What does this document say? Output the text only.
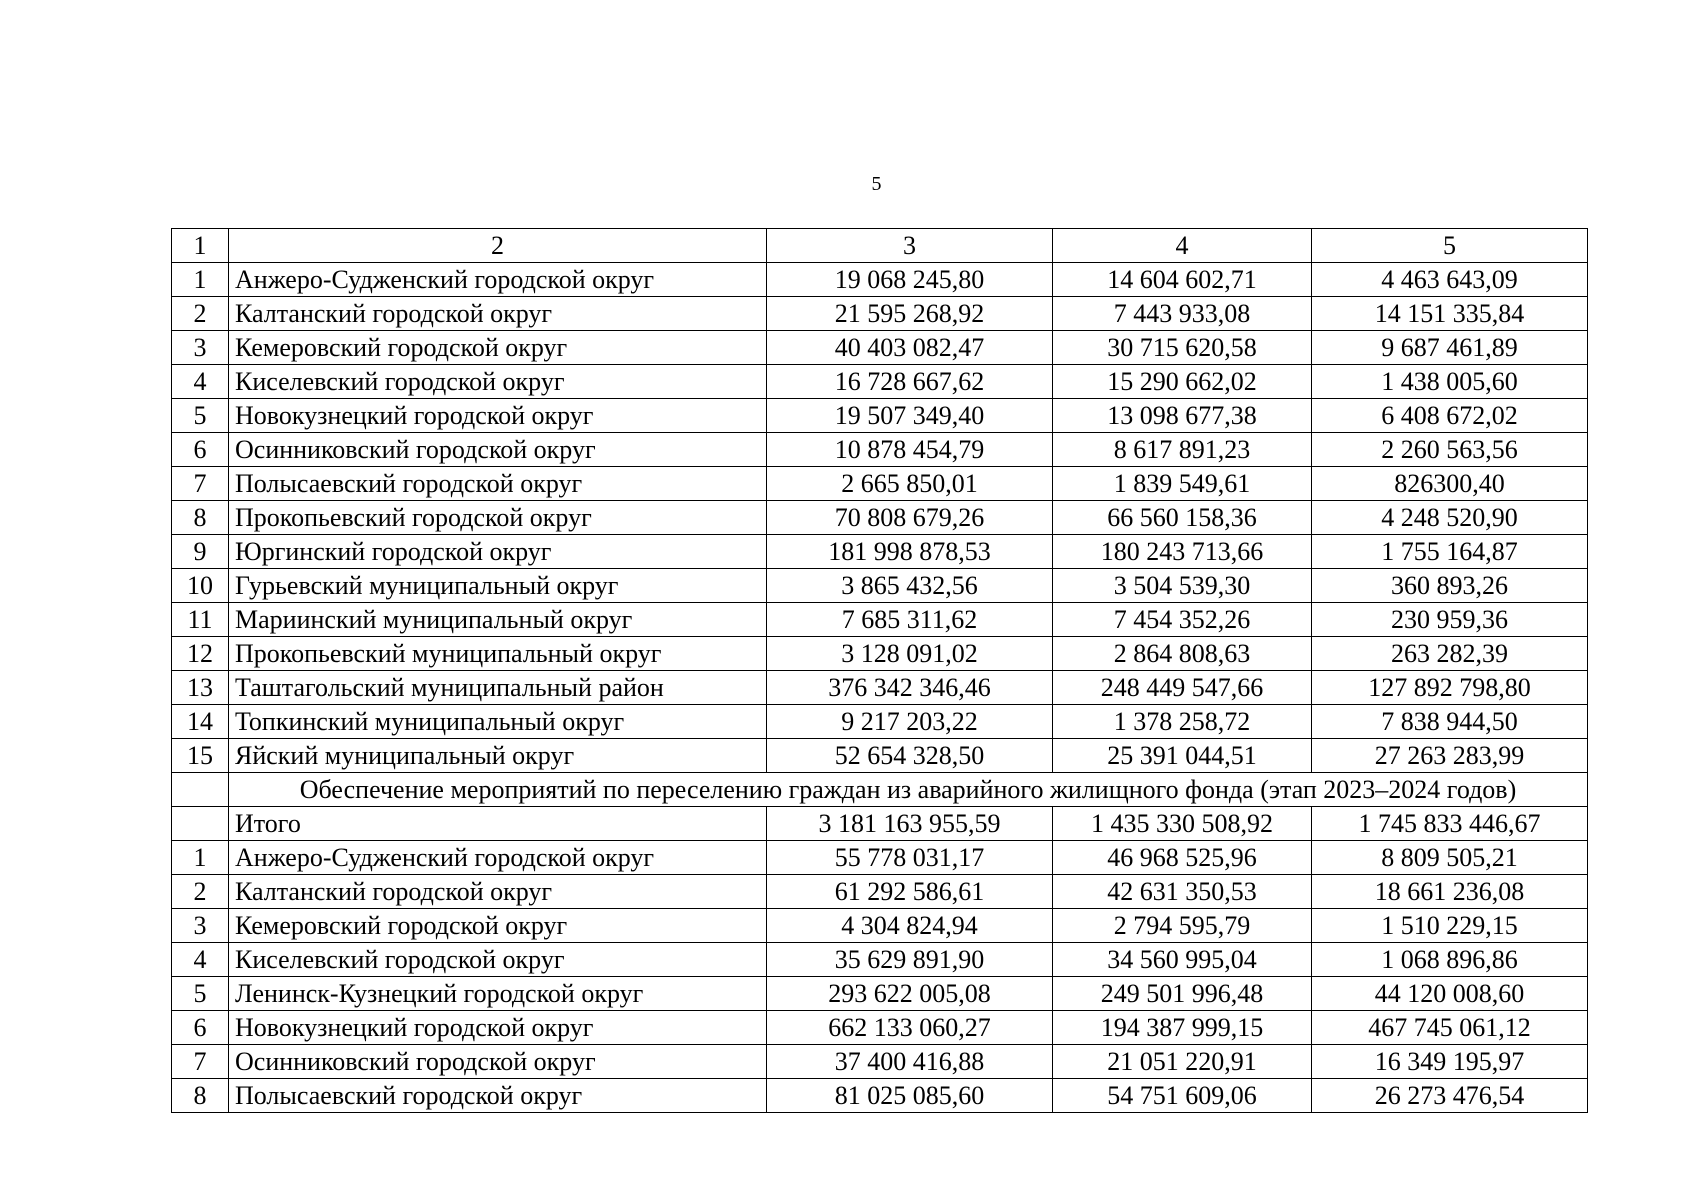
5
1	2	3	4	5
1	Анжеро-Судженский городской округ	19 068 245,80	14 604 602,71	4 463 643,09
2	Калтанский городской округ	21 595 268,92	7 443 933,08	14 151 335,84
3	Кемеровский городской округ	40 403 082,47	30 715 620,58	9 687 461,89
4	Киселевский городской округ	16 728 667,62	15 290 662,02	1 438 005,60
5	Новокузнецкий городской округ	19 507 349,40	13 098 677,38	6 408 672,02
6	Осинниковский городской округ	10 878 454,79	8 617 891,23	2 260 563,56
7	Полысаевский городской округ	2 665 850,01	1 839 549,61	826300,40
8	Прокопьевский городской округ	70 808 679,26	66 560 158,36	4 248 520,90
9	Юргинский городской округ	181 998 878,53	180 243 713,66	1 755 164,87
10	Гурьевский муниципальный округ	3 865 432,56	3 504 539,30	360 893,26
11	Мариинский муниципальный округ	7 685 311,62	7 454 352,26	230 959,36
12	Прокопьевский муниципальный округ	3 128 091,02	2 864 808,63	263 282,39
13	Таштагольский муниципальный район	376 342 346,46	248 449 547,66	127 892 798,80
14	Топкинский муниципальный округ	9 217 203,22	1 378 258,72	7 838 944,50
15	Яйский муниципальный округ	52 654 328,50	25 391 044,51	27 263 283,99
	Обеспечение мероприятий по переселению граждан из аварийного жилищного фонда (этап 2023–2024 годов)			
	Итого	3 181 163 955,59	1 435 330 508,92	1 745 833 446,67
1	Анжеро-Судженский городской округ	55 778 031,17	46 968 525,96	8 809 505,21
2	Калтанский городской округ	61 292 586,61	42 631 350,53	18 661 236,08
3	Кемеровский городской округ	4 304 824,94	2 794 595,79	1 510 229,15
4	Киселевский городской округ	35 629 891,90	34 560 995,04	1 068 896,86
5	Ленинск-Кузнецкий городской округ	293 622 005,08	249 501 996,48	44 120 008,60
6	Новокузнецкий городской округ	662 133 060,27	194 387 999,15	467 745 061,12
7	Осинниковский городской округ	37 400 416,88	21 051 220,91	16 349 195,97
8	Полысаевский городской округ	81 025 085,60	54 751 609,06	26 273 476,54
